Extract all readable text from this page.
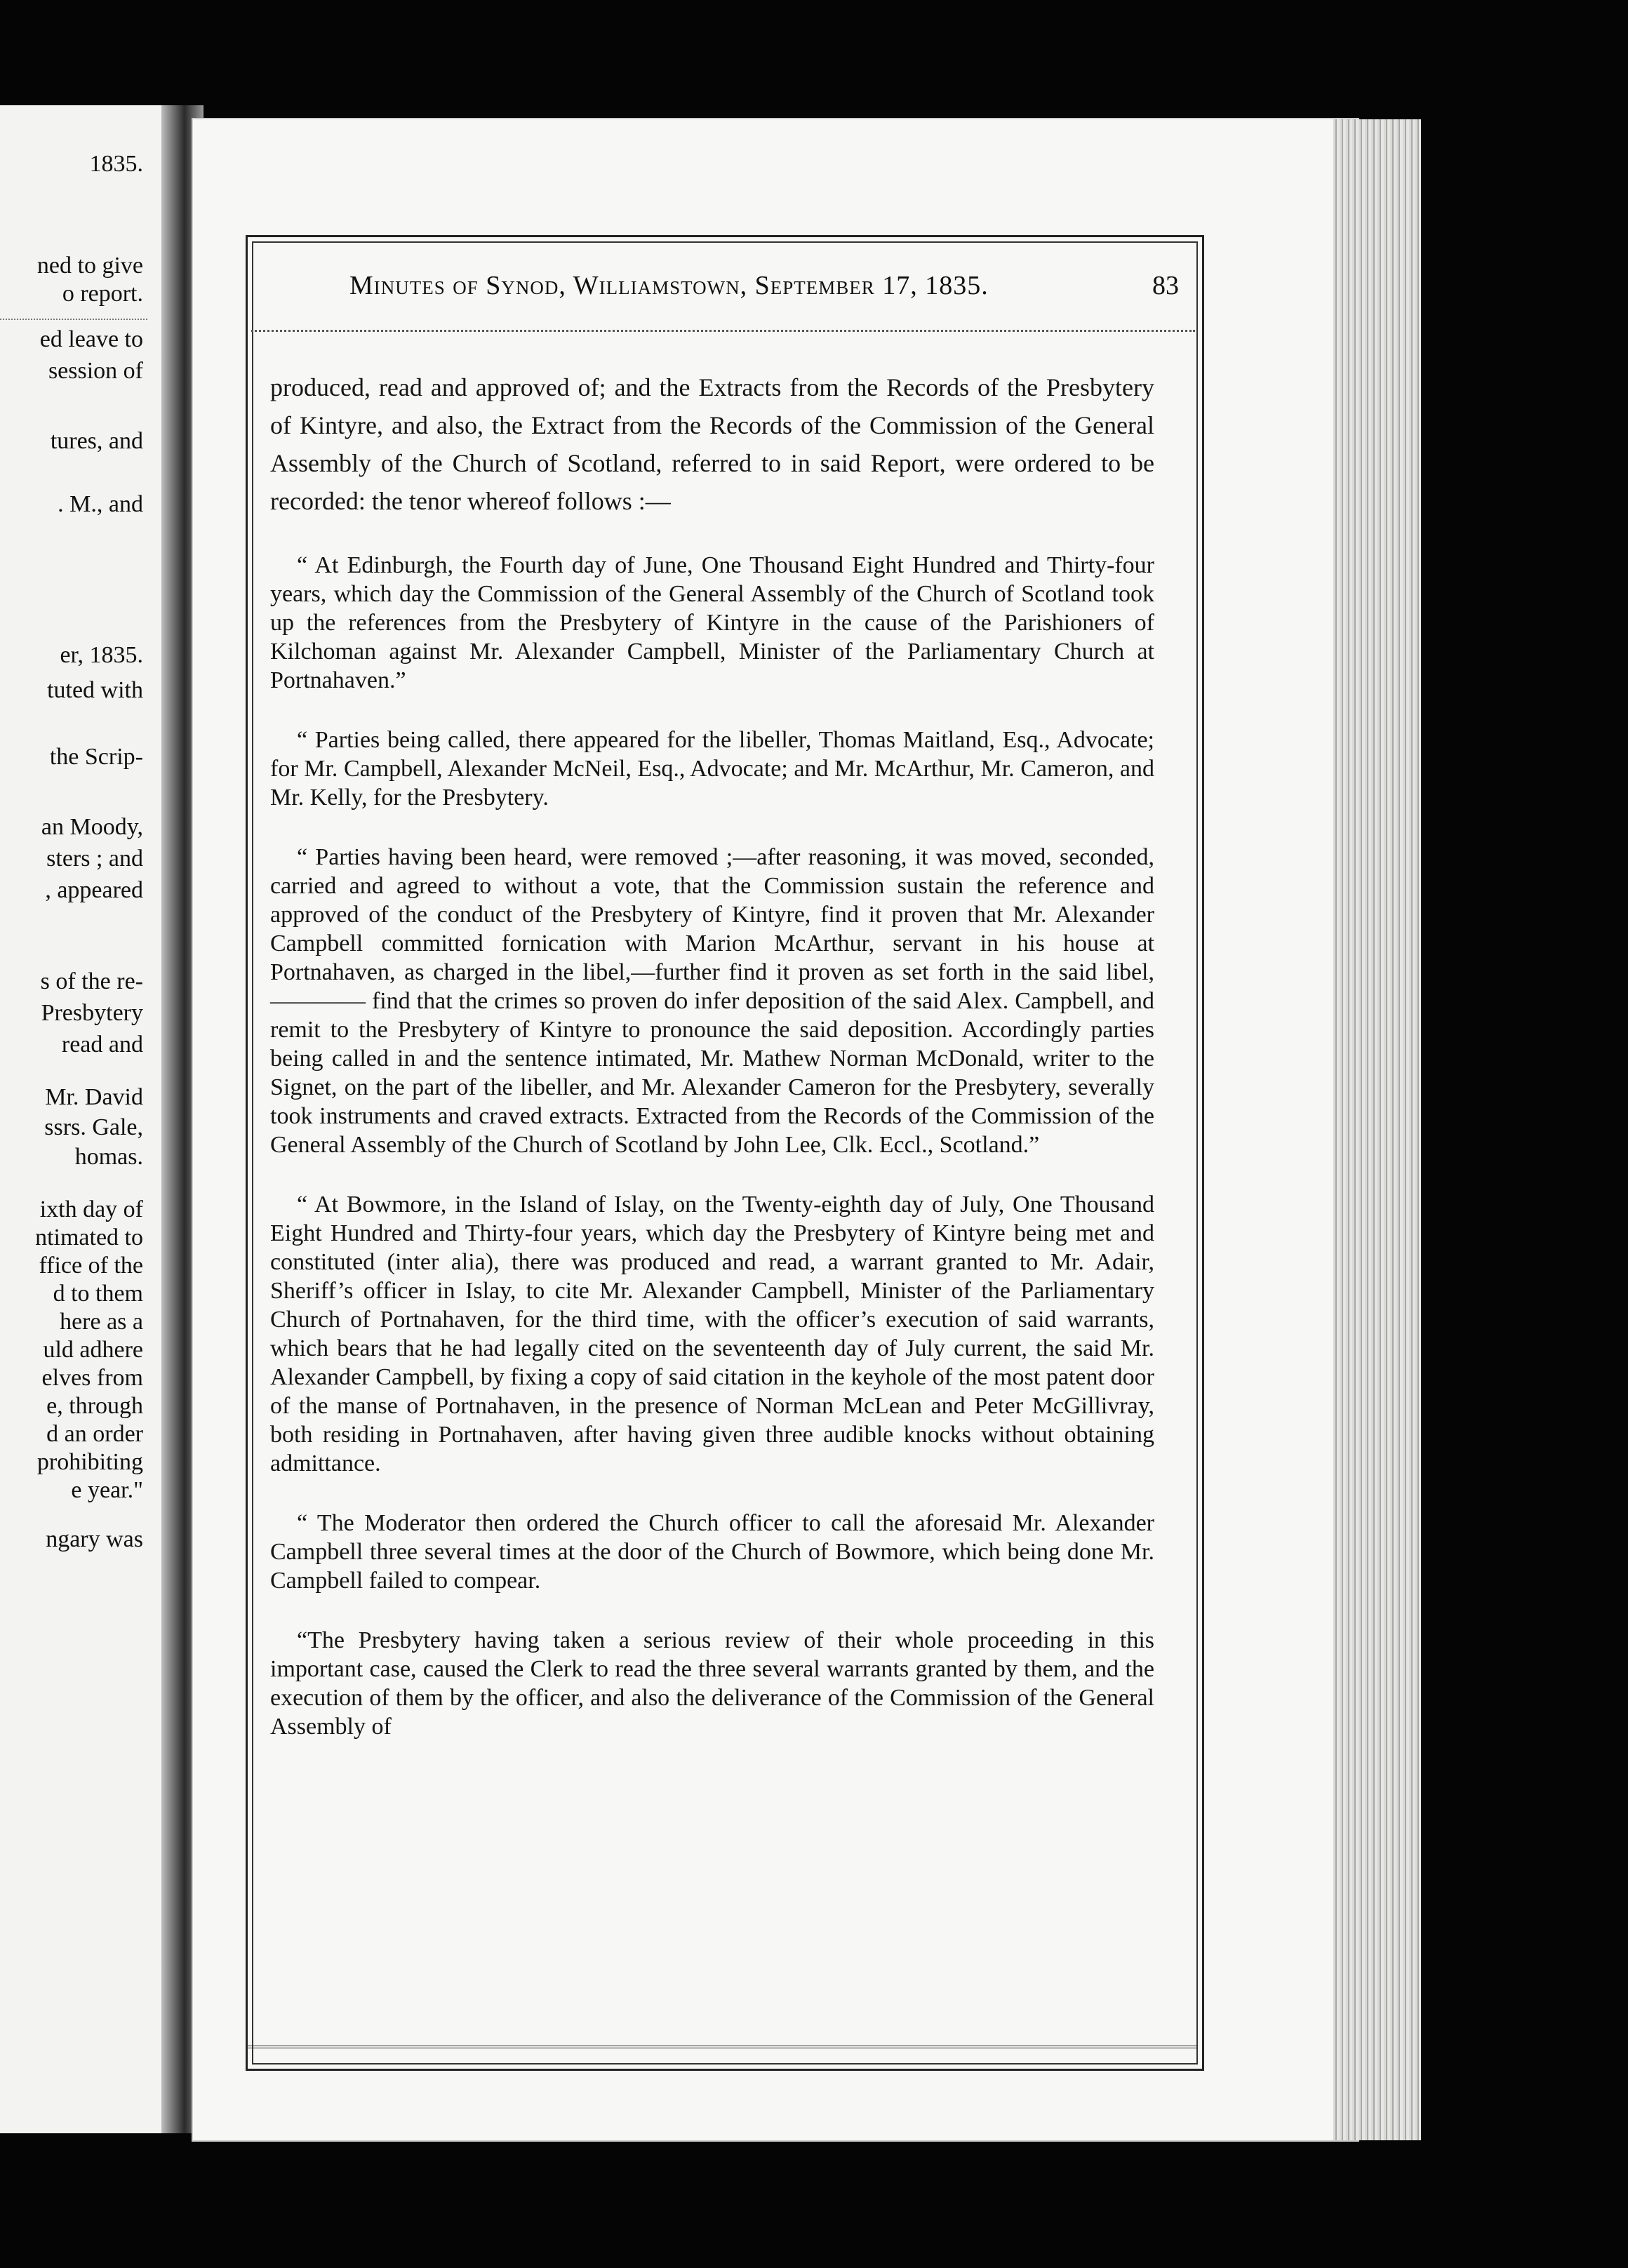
1835.
ned to give
o report.
ed leave to
session of
tures, and
. M., and
er, 1835.
tuted with
the Scrip-
an Moody,
sters ; and
, appeared
s of the re-
Presbytery
read and
Mr. David
ssrs. Gale,
homas.
ixth day of
ntimated to
ffice of the
d to them
here as a
uld adhere
elves from
e, through
d an order
prohibiting
e year."
ngary was
Minutes of Synod, Williamstown, September 17, 1835.	83

produced, read and approved of; and the Extracts from the Records of the Presbytery of Kintyre, and also, the Extract from the Records of the Commission of the General Assembly of the Church of Scotland, referred to in said Report, were ordered to be recorded: the tenor whereof follows :—

“ At Edinburgh, the Fourth day of June, One Thousand Eight Hundred and Thirty-four years, which day the Commission of the General Assembly of the Church of Scotland took up the references from the Presbytery of Kintyre in the cause of the Parishioners of Kilchoman against Mr. Alexander Campbell, Minister of the Parliamentary Church at Portnahaven.”

“ Parties being called, there appeared for the libeller, Thomas Maitland, Esq., Advocate; for Mr. Campbell, Alexander McNeil, Esq., Advocate; and Mr. McArthur, Mr. Cameron, and Mr. Kelly, for the Presbytery.

“ Parties having been heard, were removed ;—after reasoning, it was moved, seconded, carried and agreed to without a vote, that the Commission sustain the reference and approved of the conduct of the Presbytery of Kintyre, find it proven that Mr. Alexander Campbell committed fornication with Marion McArthur, servant in his house at Portnahaven, as charged in the libel,—further find it proven as set forth in the said libel, ———— find that the crimes so proven do infer deposition of the said Alex. Campbell, and remit to the Presbytery of Kintyre to pronounce the said deposition. Accordingly parties being called in and the sentence intimated, Mr. Mathew Norman McDonald, writer to the Signet, on the part of the libeller, and Mr. Alexander Cameron for the Presbytery, severally took instruments and craved extracts. Extracted from the Records of the Commission of the General Assembly of the Church of Scotland by John Lee, Clk. Eccl., Scotland.”

“ At Bowmore, in the Island of Islay, on the Twenty-eighth day of July, One Thousand Eight Hundred and Thirty-four years, which day the Presbytery of Kintyre being met and constituted (inter alia), there was produced and read, a warrant granted to Mr. Adair, Sheriff’s officer in Islay, to cite Mr. Alexander Campbell, Minister of the Parliamentary Church of Portnahaven, for the third time, with the officer’s execution of said warrants, which bears that he had legally cited on the seventeenth day of July current, the said Mr. Alexander Campbell, by fixing a copy of said citation in the keyhole of the most patent door of the manse of Portnahaven, in the presence of Norman McLean and Peter McGillivray, both residing in Portnahaven, after having given three audible knocks without obtaining admittance.

“ The Moderator then ordered the Church officer to call the aforesaid Mr. Alexander Campbell three several times at the door of the Church of Bowmore, which being done Mr. Campbell failed to compear.

“The Presbytery having taken a serious review of their whole proceeding in this important case, caused the Clerk to read the three several warrants granted by them, and the execution of them by the officer, and also the deliverance of the Commission of the General Assembly of
